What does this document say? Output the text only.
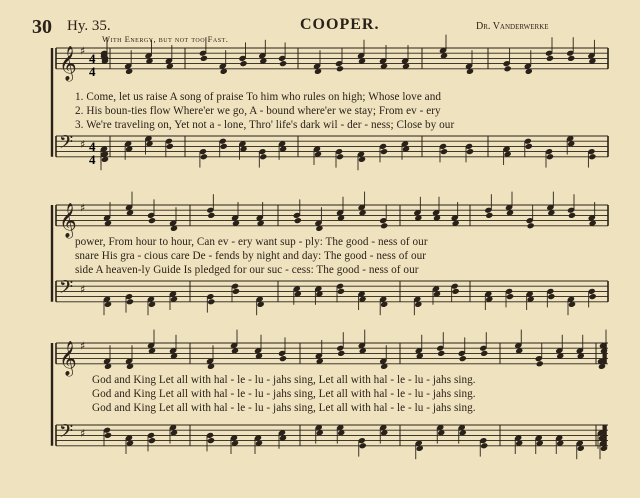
30 Hy. 35.	COOPER.	Dr. Vanderwerke
With Energy, but not too Fast.
𝄞 ♯
𝄢 ♯
4
4
4
4
𝄞 ♯
𝄢 ♯
𝄞 ♯
𝄢 ♯
1. Come, let us raise A song of praise To him who rules on high; Whose love and
2. His boun-ties flow Where'er we go, A - bound where'er we stay; From ev - ery
3. We're traveling on, Yet not a - lone, Thro' life's dark wil - der - ness; Close by our
power, From hour to hour, Can ev - ery want sup - ply: The good - ness of our
snare His gra - cious care De - fends by night and day: The good - ness of our
side A heaven-ly Guide Is pledged for our suc - cess: The good - ness of our
God and King Let all with hal - le - lu - jahs sing, Let all with hal - le - lu - jahs sing.
God and King Let all with hal - le - lu - jahs sing, Let all with hal - le - lu - jahs sing.
God and King Let all with hal - le - lu - jahs sing, Let all with hal - le - lu - jahs sing.
